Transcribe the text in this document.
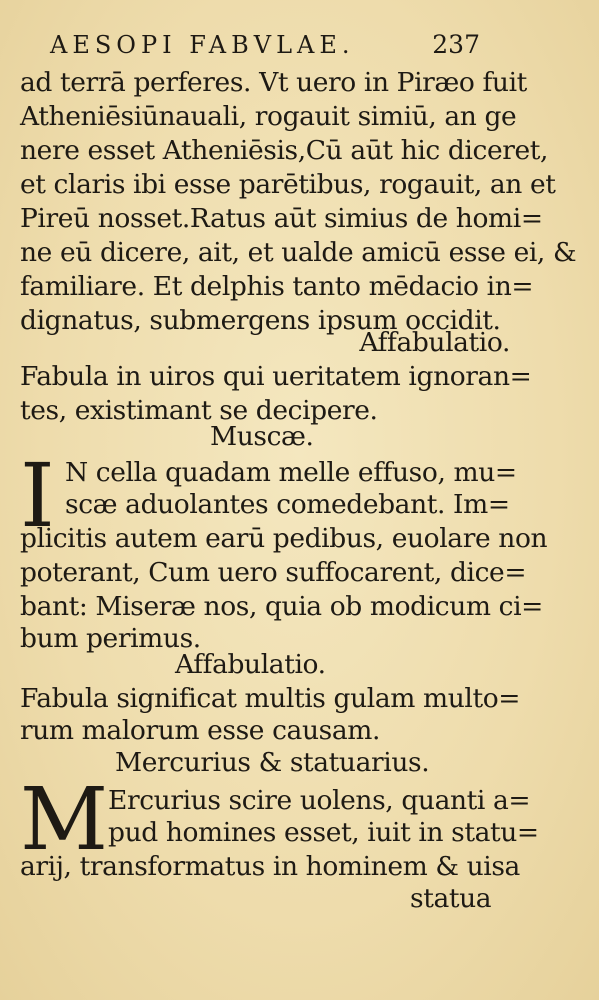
AESOPI FABVLAE.	237
ad terrā perferes. Vt uero in Piræo fuit
Atheniēsiūnauali, rogauit simiū, an ge
nere esset Atheniēsis,Cū aūt hic diceret,
et claris ibi esse parētibus, rogauit, an et
Pireū nosset.Ratus aūt simius de homi=
ne eū dicere, ait, et ualde amicū esse ei, &
familiare. Et delphis tanto mēdacio in=
dignatus, submergens ipsum occidit.
Affabulatio.
Fabula in uiros qui ueritatem ignoran=
tes, existimant se decipere.
Muscæ.
I N cella quadam melle effuso, mu=
scæ aduolantes comedebant. Im=
plicitis autem earū pedibus, euolare non
poterant, Cum uero suffocarent, dice=
bant: Miseræ nos, quia ob modicum ci=
bum perimus.
Affabulatio.
Fabula significat multis gulam multo=
rum malorum esse causam.
Mercurius & statuarius.
M Ercurius scire uolens, quanti a=
pud homines esset, iuit in statu=
arij, transformatus in hominem & uisa
statua
